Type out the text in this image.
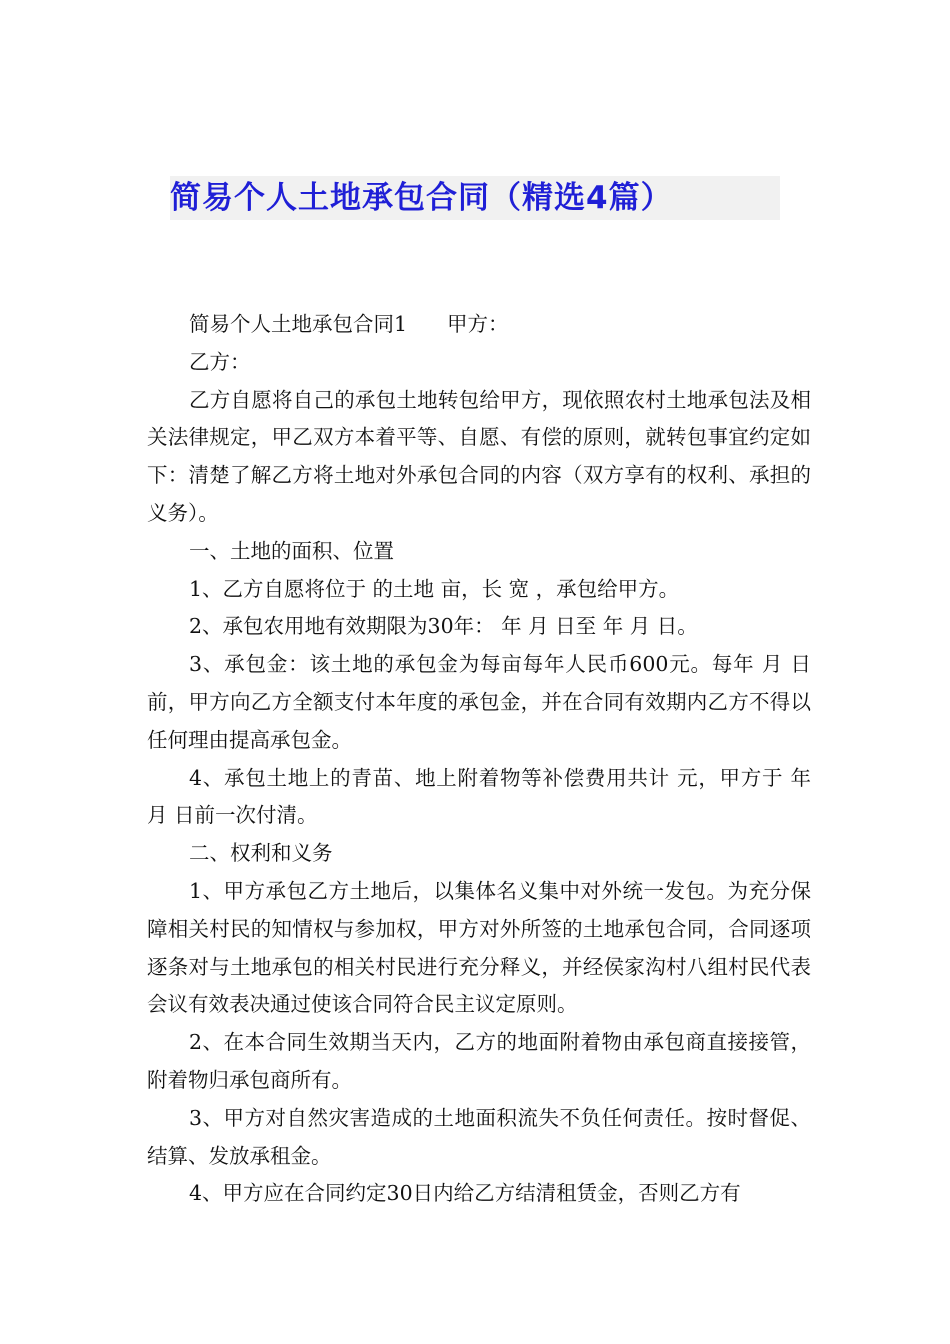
简易个人土地承包合同（精选4篇）

简易个人土地承包合同1 甲方：

乙方：

乙方自愿将自己的承包土地转包给甲方，现依照农村土地承包法及相关法律规定，甲乙双方本着平等、自愿、有偿的原则，就转包事宜约定如下：清楚了解乙方将土地对外承包合同的内容（双方享有的权利、承担的义务）。

一、土地的面积、位置

1、乙方自愿将位于 的土地 亩，长 宽 ，承包给甲方。

2、承包农用地有效期限为30年： 年 月 日至 年 月 日。

3、承包金：该土地的承包金为每亩每年人民币600元。每年 月 日前，甲方向乙方全额支付本年度的承包金，并在合同有效期内乙方不得以任何理由提高承包金。

4、承包土地上的青苗、地上附着物等补偿费用共计 元，甲方于 年 月 日前一次付清。

二、权利和义务

1、甲方承包乙方土地后，以集体名义集中对外统一发包。为充分保障相关村民的知情权与参加权，甲方对外所签的土地承包合同，合同逐项逐条对与土地承包的相关村民进行充分释义，并经侯家沟村八组村民代表会议有效表决通过使该合同符合民主议定原则。

2、在本合同生效期当天内，乙方的地面附着物由承包商直接接管，附着物归承包商所有。

3、甲方对自然灾害造成的土地面积流失不负任何责任。按时督促、结算、发放承租金。

4、甲方应在合同约定30日内给乙方结清租赁金，否则乙方有
